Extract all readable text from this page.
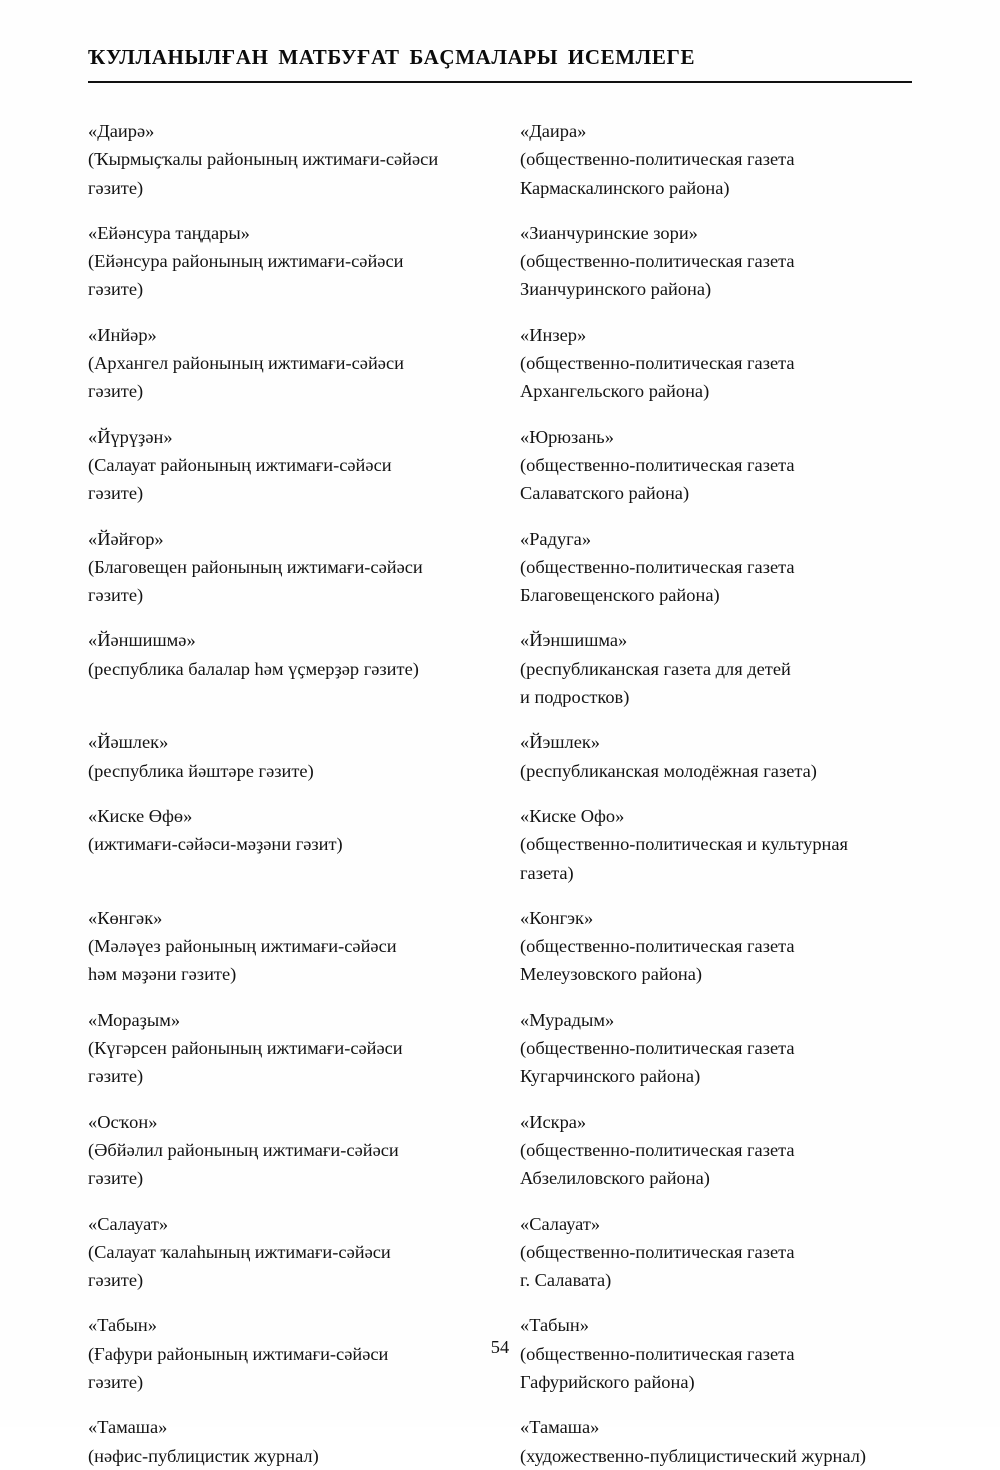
ҠУЛЛАНЫЛҒАН МАТБУҒАТ БАҪМАЛАРЫ ИСЕМЛЕГЕ
«Даирә»
(Ҡырмыҫҡалы районының ижтимағи-сәйәси
гәзите)
«Ейәнсура таңдары»
(Ейәнсура районының ижтимағи-сәйәси
гәзите)
«Инйәр»
(Архангел районының ижтимағи-сәйәси
гәзите)
«Йүрүҙән»
(Салауат районының ижтимағи-сәйәси
гәзите)
«Йәйғор»
(Благовещен районының ижтимағи-сәйәси
гәзите)
«Йәншишмә»
(республика балалар һәм үҫмерҙәр гәзите)
«Йәшлек»
(республика йәштәре гәзите)
«Киске Өфө»
(ижтимағи-сәйәси-мәҙәни гәзит)
«Көнгәк»
(Мәләүез районының ижтимағи-сәйәси
һәм мәҙәни гәзите)
«Мораҙым»
(Күгәрсен районының ижтимағи-сәйәси
гәзите)
«Осҡон»
(Әбйәлил районының ижтимағи-сәйәси
гәзите)
«Салауат»
(Салауат ҡалаһының ижтимағи-сәйәси
гәзите)
«Табын»
(Ғафури районының ижтимағи-сәйәси
гәзите)
«Тамаша»
(нәфис-публицистик журнал)
«Даира»
(общественно-политическая газета
Кармаскалинского района)
«Зианчуринские зори»
(общественно-политическая газета
Зианчуринского района)
«Инзер»
(общественно-политическая газета
Архангельского района)
«Юрюзань»
(общественно-политическая газета
Салаватского района)
«Радуга»
(общественно-политическая газета
Благовещенского района)
«Йэншишма»
(республиканская газета для детей
и подростков)
«Йэшлек»
(республиканская молодёжная газета)
«Киске Офо»
(общественно-политическая и культурная
газета)
«Конгэк»
(общественно-политическая газета
Мелеузовского района)
«Мурадым»
(общественно-политическая газета
Кугарчинского района)
«Искра»
(общественно-политическая газета
Абзелиловского района)
«Салауат»
(общественно-политическая газета
г. Салавата)
«Табын»
(общественно-политическая газета
Гафурийского района)
«Тамаша»
(художественно-публицистический журнал)
54
